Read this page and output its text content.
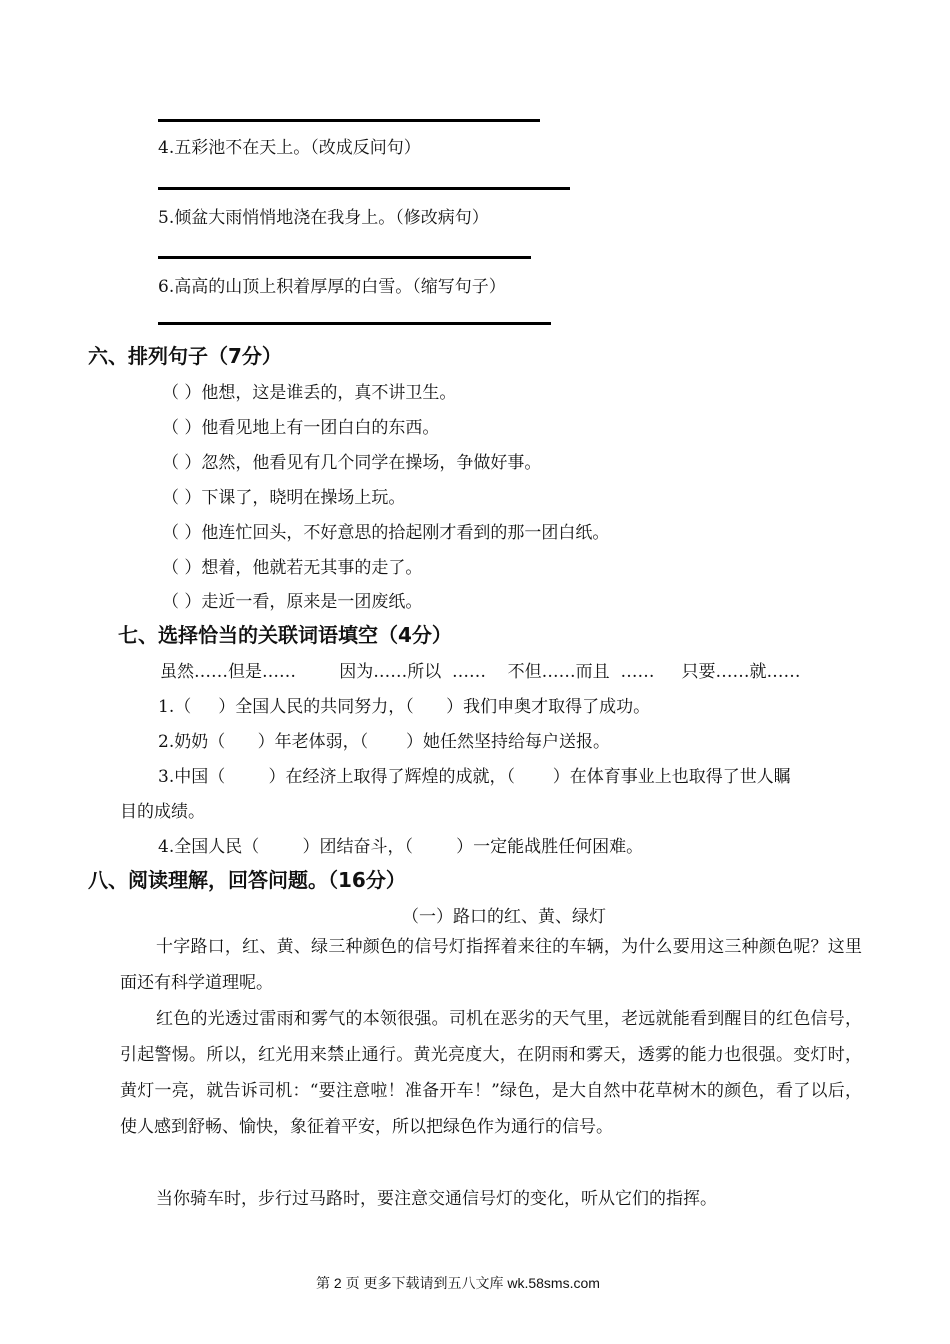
4.五彩池不在天上。（改成反问句）
5.倾盆大雨悄悄地浇在我身上。（修改病句）
6.高高的山顶上积着厚厚的白雪。（缩写句子）
六、排列句子（7分）
（ ）他想，这是谁丢的，真不讲卫生。
（ ）他看见地上有一团白白的东西。
（ ）忽然，他看见有几个同学在操场，争做好事。
（ ）下课了，晓明在操场上玩。
（ ）他连忙回头，不好意思的拾起刚才看到的那一团白纸。
（ ）想着，他就若无其事的走了。
（ ）走近一看，原来是一团废纸。
七、选择恰当的关联词语填空（4分）
虽然……但是……        因为……所以  ……    不但……而且  ……     只要……就……
1.（     ）全国人民的共同努力，（      ）我们申奥才取得了成功。
2.奶奶（      ）年老体弱，（       ）她任然坚持给每户送报。
3.中国（        ）在经济上取得了辉煌的成就，（       ）在体育事业上也取得了世人瞩
目的成绩。
4.全国人民（        ）团结奋斗，（        ）一定能战胜任何困难。
八、阅读理解，回答问题。（16分）
（一）路口的红、黄、绿灯
十字路口，红、黄、绿三种颜色的信号灯指挥着来往的车辆，为什么要用这三种颜色呢？这里面还有科学道理呢。
红色的光透过雷雨和雾气的本领很强。司机在恶劣的天气里，老远就能看到醒目的红色信号，引起警惕。所以，红光用来禁止通行。黄光亮度大，在阴雨和雾天，透雾的能力也很强。变灯时，黄灯一亮，就告诉司机：“要注意啦！准备开车！”绿色，是大自然中花草树木的颜色，看了以后，使人感到舒畅、愉快，象征着平安，所以把绿色作为通行的信号。
当你骑车时，步行过马路时，要注意交通信号灯的变化，听从它们的指挥。
第 2 页 更多下载请到五八文库 wk.58sms.com
